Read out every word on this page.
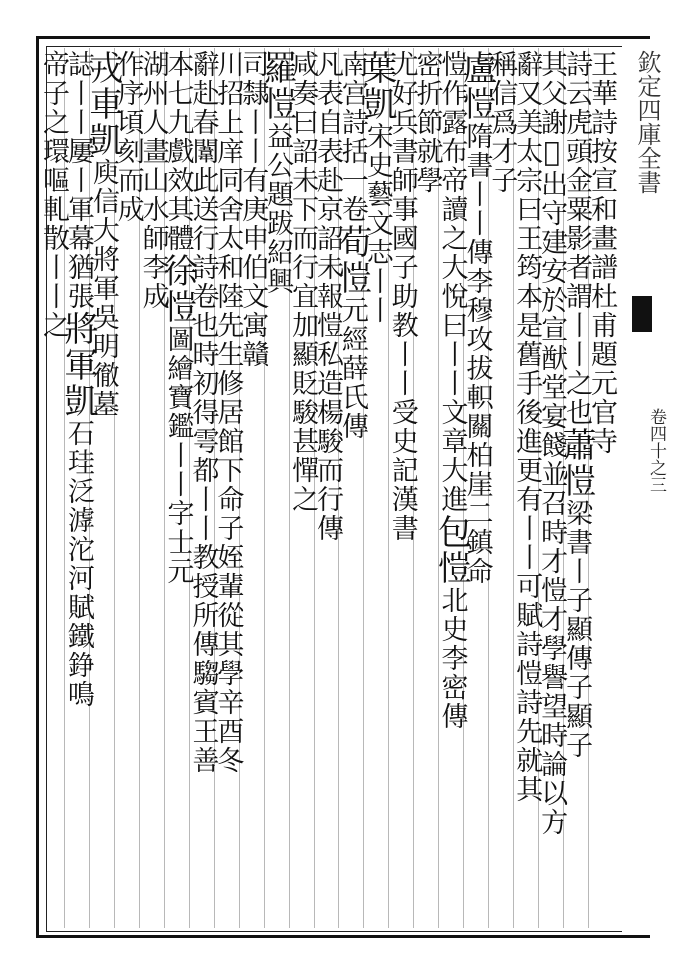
欽定四庫全書
卷四十之三
王華詩按宣和畫譜杜甫題元官寺
詩云虎頭金粟影者謂丨丨之也蕭愷梁書丨子顯傳子顯子
其父謝𪧐出守建安於宣猷堂宴餞並召時才愷才學譽望時論以方
辭又美太宗曰王筠本是舊手後進更有丨丨可賦詩愷詩先就其
稱信爲才子
盧愷隋書丨丨傳李穆攻拔軹關柏崖二鎮命
愷作露布帝讀之大悅曰丨丨文章大進包愷北史李密傳
密折節就學
尤好兵書師事國子助教丨丨受史記漢書
葉凱宋史藝文志丨丨
南宫詩括一卷荀愷元經薛氏傳
凡表自表赴京詔未報愷私造楊駿而行傳
咸奏曰詔未下而行宜加顯貶駿甚憚之
羅愷益公題跋紹興
司隸丨丨有庚申伯文寓贛
川招上庠同舍太和陸先生修居館下命子姪輩從其學辛酉冬
辭赴春闈此送行詩卷也時初得雩都丨丨教授所傳騶賓王善
本七九戲效其體徐愷圖繪寶鑑丨丨字士元
湖州人畫山水師李成
作序頃刻而成
戎車凱庾信大將軍吳明徹墓
誌丨丨屢丨軍幕猶張將軍凱石珪泛滹沱河賦鐵錚鳴
帝子之環嘔軋散丨丨之
